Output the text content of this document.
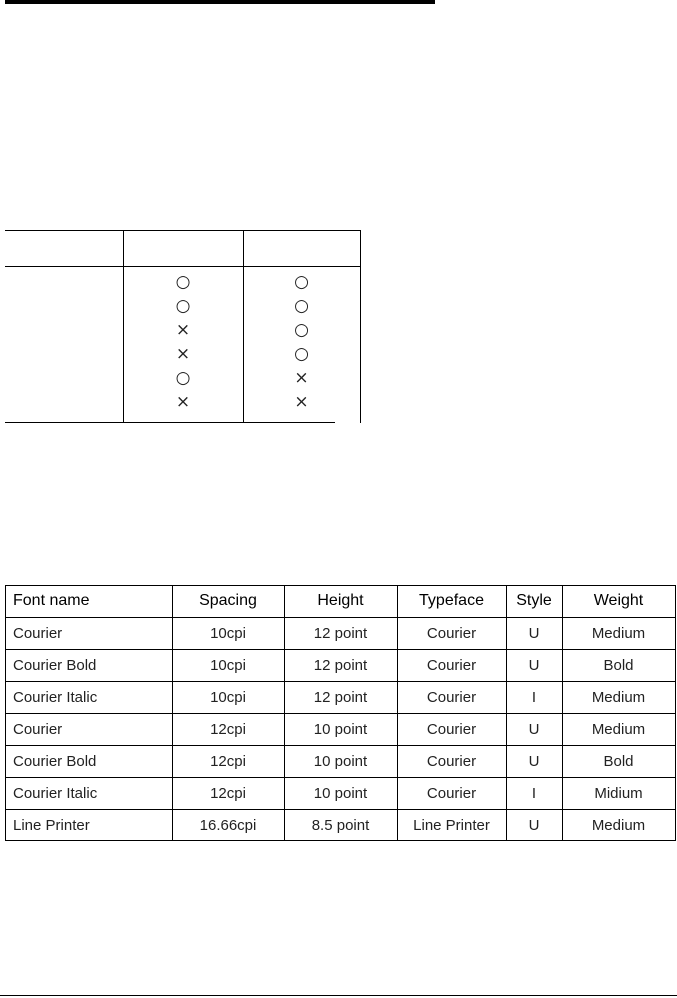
○	○
○	○
×	○
×	○
○	×
×	×
Font name	Spacing	Height	Typeface	Style	Weight
Courier	10cpi	12 point	Courier	U	Medium
Courier Bold	10cpi	12 point	Courier	U	Bold
Courier Italic	10cpi	12 point	Courier	I	Medium
Courier	12cpi	10 point	Courier	U	Medium
Courier Bold	12cpi	10 point	Courier	U	Bold
Courier Italic	12cpi	10 point	Courier	I	Midium
Line Printer	16.66cpi	8.5 point	Line Printer	U	Medium
